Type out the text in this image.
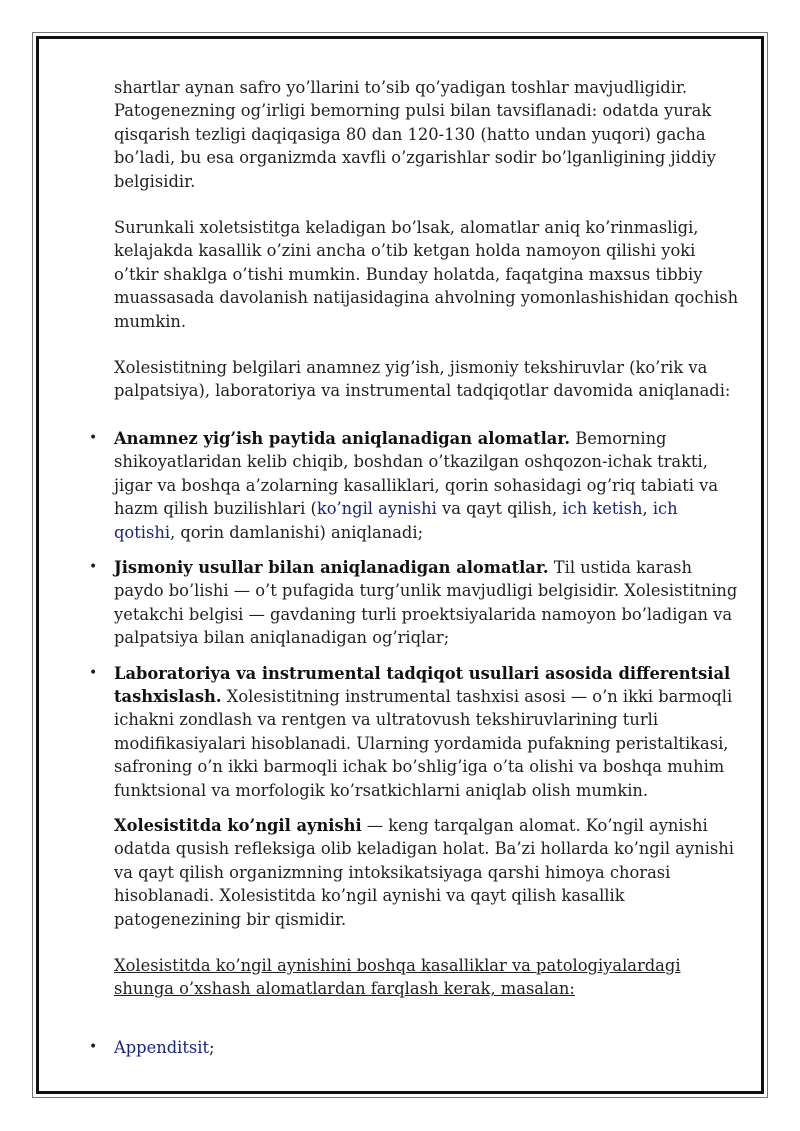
shartlar aynan safro yo’llarini to’sib qo’yadigan toshlar mavjudligidir. Patogenezning og’irligi bemorning pulsi bilan tavsiflanadi: odatda yurak qisqarish tezligi daqiqasiga 80 dan 120-130 (hatto undan yuqori) gacha bo’ladi, bu esa organizmda xavfli o’zgarishlar sodir bo’lganligining jiddiy belgisidir.

Surunkali xoletsistitga keladigan bo’lsak, alomatlar aniq ko’rinmasligi, kelajakda kasallik o’zini ancha o’tib ketgan holda namoyon qilishi yoki o’tkir shaklga o’tishi mumkin. Bunday holatda, faqatgina maxsus tibbiy muassasada davolanish natijasidagina ahvolning yomonlashishidan qochish mumkin.

Xolesistitning belgilari anamnez yig’ish, jismoniy tekshiruvlar (ko’rik va palpatsiya), laboratoriya va instrumental tadqiqotlar davomida aniqlanadi:

• Anamnez yig’ish paytida aniqlanadigan alomatlar. Bemorning shikoyatlaridan kelib chiqib, boshdan o’tkazilgan oshqozon-ichak trakti, jigar va boshqa a’zolarning kasalliklari, qorin sohasidagi og’riq tabiati va hazm qilish buzilishlari (ko’ngil aynishi va qayt qilish, ich ketish, ich qotishi, qorin damlanishi) aniqlanadi;
• Jismoniy usullar bilan aniqlanadigan alomatlar. Til ustida karash paydo bo’lishi — o’t pufagida turg’unlik mavjudligi belgisidir. Xolesistitning yetakchi belgisi — gavdaning turli proektsiyalarida namoyon bo’ladigan va palpatsiya bilan aniqlanadigan og’riqlar;
• Laboratoriya va instrumental tadqiqot usullari asosida differentsial tashxislash. Xolesistitning instrumental tashxisi asosi — o’n ikki barmoqli ichakni zondlash va rentgen va ultratovush tekshiruvlarining turli modifikasiyalari hisoblanadi. Ularning yordamida pufakning peristaltikasi, safroning o’n ikki barmoqli ichak bo’shlig’iga o’ta olishi va boshqa muhim funktsional va morfologik ko’rsatkichlarni aniqlab olish mumkin.

Xolesistitda ko’ngil aynishi — keng tarqalgan alomat. Ko’ngil aynishi odatda qusish refleksiga olib keladigan holat. Ba’zi hollarda ko’ngil aynishi va qayt qilish organizmning intoksikatsiyaga qarshi himoya chorasi hisoblanadi. Xolesistitda ko’ngil aynishi va qayt qilish kasallik patogenezining bir qismidir.

Xolesistitda ko’ngil aynishini boshqa kasalliklar va patologiyalardagi shunga o’xshash alomatlardan farqlash kerak, masalan:

• Appenditsit;
